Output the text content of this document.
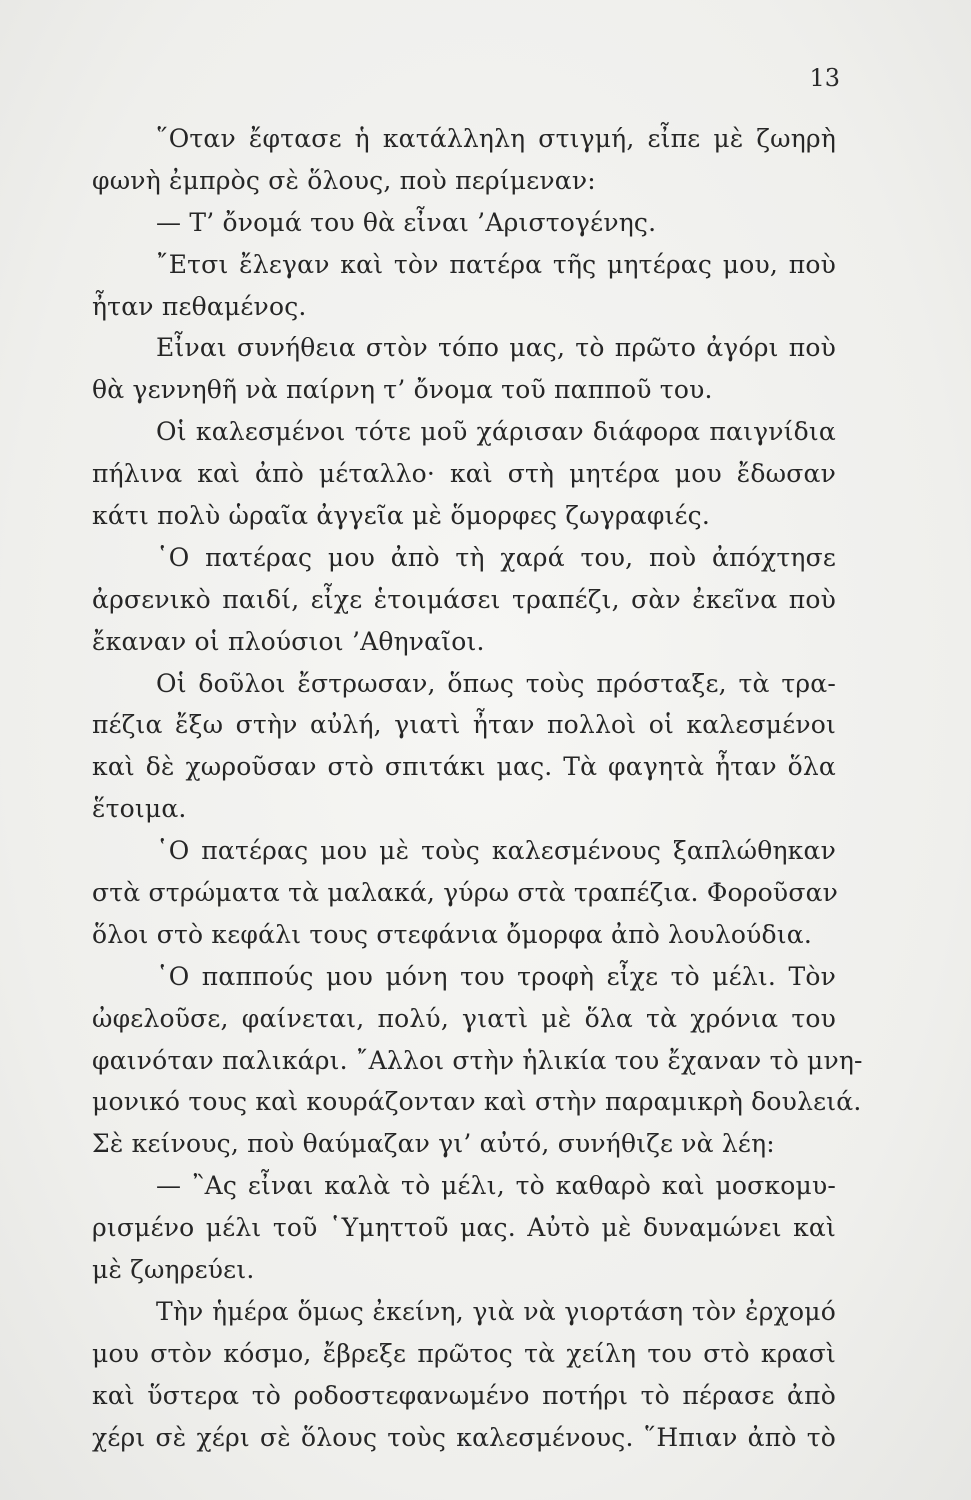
13
῞Οταν ἔφτασε ἡ κατάλληλη στιγμή, εἶπε μὲ ζωηρὴ
φωνὴ ἐμπρὸς σὲ ὅλους, ποὺ περίμεναν:
— Τ’ ὄνομά του θὰ εἶναι ’Αριστογένης.
῎Ετσι ἔλεγαν καὶ τὸν πατέρα τῆς μητέρας μου, ποὺ
ἦταν πεθαμένος.
Εἶναι συνήθεια στὸν τόπο μας, τὸ πρῶτο ἀγόρι ποὺ
θὰ γεννηθῆ νὰ παίρνη τ’ ὄνομα τοῦ παπποῦ του.
Οἱ καλεσμένοι τότε μοῦ χάρισαν διάφορα παιγνίδια
πήλινα καὶ ἀπὸ μέταλλο· καὶ στὴ μητέρα μου ἔδωσαν
κάτι πολὺ ὡραῖα ἀγγεῖα μὲ ὅμορφες ζωγραφιές.
῾Ο πατέρας μου ἀπὸ τὴ χαρά του, ποὺ ἀπόχτησε
ἀρσενικὸ παιδί, εἶχε ἑτοιμάσει τραπέζι, σὰν ἐκεῖνα ποὺ
ἔκαναν οἱ πλούσιοι ’Αθηναῖοι.
Οἱ δοῦλοι ἔστρωσαν, ὅπως τοὺς πρόσταξε, τὰ τρα-
πέζια ἔξω στὴν αὐλή, γιατὶ ἦταν πολλοὶ οἱ καλεσμένοι
καὶ δὲ χωροῦσαν στὸ σπιτάκι μας. Τὰ φαγητὰ ἦταν ὅλα
ἕτοιμα.
῾Ο πατέρας μου μὲ τοὺς καλεσμένους ξαπλώθηκαν
στὰ στρώματα τὰ μαλακά, γύρω στὰ τραπέζια. Φοροῦσαν
ὅλοι στὸ κεφάλι τους στεφάνια ὄμορφα ἀπὸ λουλούδια.
῾Ο παππούς μου μόνη του τροφὴ εἶχε τὸ μέλι. Τὸν
ὠφελοῦσε, φαίνεται, πολύ, γιατὶ μὲ ὅλα τὰ χρόνια του
φαινόταν παλικάρι. ῎Αλλοι στὴν ἡλικία του ἔχαναν τὸ μνη-
μονικό τους καὶ κουράζονταν καὶ στὴν παραμικρὴ δουλειά.
Σὲ κείνους, ποὺ θαύμαζαν γι’ αὐτό, συνήθιζε νὰ λέη:
— ῍Ας εἶναι καλὰ τὸ μέλι, τὸ καθαρὸ καὶ μοσκομυ-
ρισμένο μέλι τοῦ ῾Υμηττοῦ μας. Αὐτὸ μὲ δυναμώνει καὶ
μὲ ζωηρεύει.
Τὴν ἡμέρα ὅμως ἐκείνη, γιὰ νὰ γιορτάση τὸν ἐρχομό
μου στὸν κόσμο, ἔβρεξε πρῶτος τὰ χείλη του στὸ κρασὶ
καὶ ὕστερα τὸ ροδοστεφανωμένο ποτήρι τὸ πέρασε ἀπὸ
χέρι σὲ χέρι σὲ ὅλους τοὺς καλεσμένους. ῞Ηπιαν ἀπὸ τὸ
